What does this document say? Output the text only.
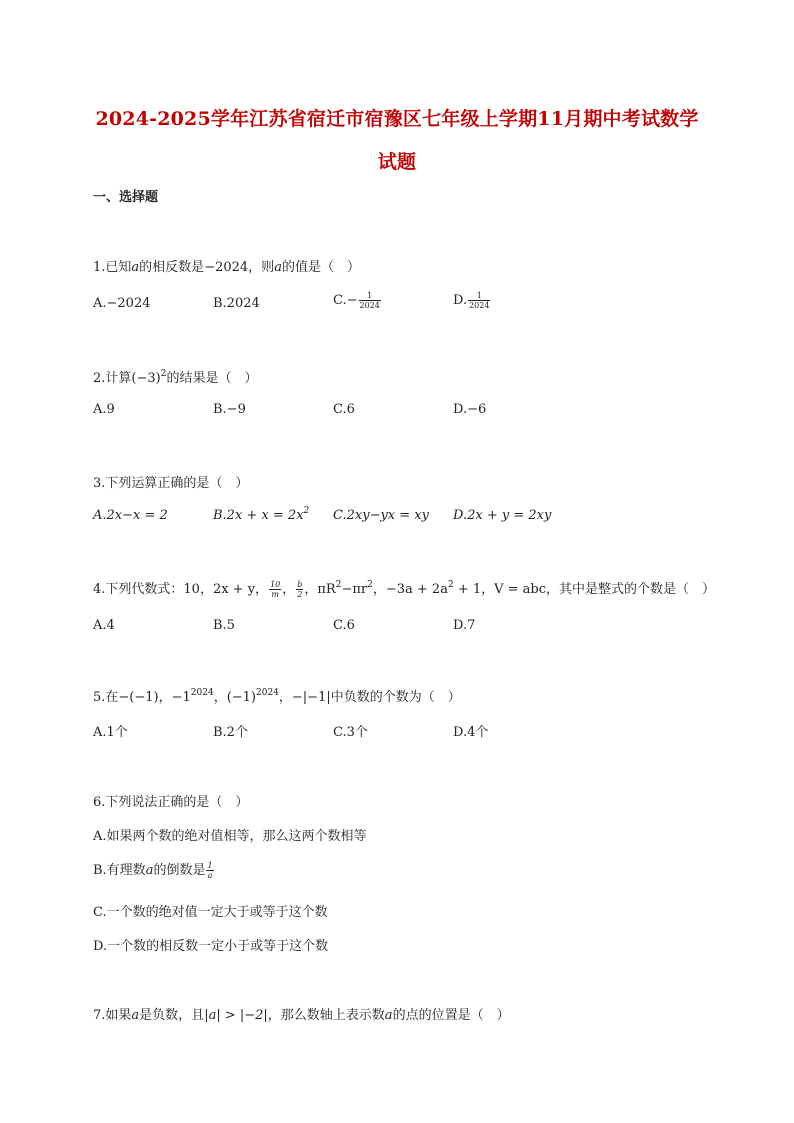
2024-2025学年江苏省宿迁市宿豫区七年级上学期11月期中考试数学
试题
一、选择题
1.已知a的相反数是−2024，则a的值是（　）
A.−2024	B.2024	$C.- \frac{1}{2024}$	D. $\frac{1}{2024}$
2.计算$(-3)^2$的结果是（　）
A.9	B.−9	C.6	D.−6
3.下列运算正确的是（　）
A.2x−x = 2	$B.2x + x = 2x^2$ C.2xy−yx = xy D.2x + y = 2xy
4.下列代数式：10，2x + y， $\frac{10}{m}$ ， $\frac{b}{2}$ ，$\pi R^2-\pi r^2$，$-3a + 2a^2 + 1$，V = abc，其中是整式的个数是（　）
A.4	B.5	C.6	D.7
5.在−(−1)，$-1^{2024}$，$(-1)^{2024}$，−|−1|中负数的个数为（　）
A.1个	B.2个	C.3个	D.4个
6.下列说法正确的是（　）
A.如果两个数的绝对值相等，那么这两个数相等
B.有理数a的倒数是 $\frac{1}{a}$
C.一个数的绝对值一定大于或等于这个数
D.一个数的相反数一定小于或等于这个数
7.如果a是负数，且|a| > |−2|，那么数轴上表示数a的点的位置是（　）
